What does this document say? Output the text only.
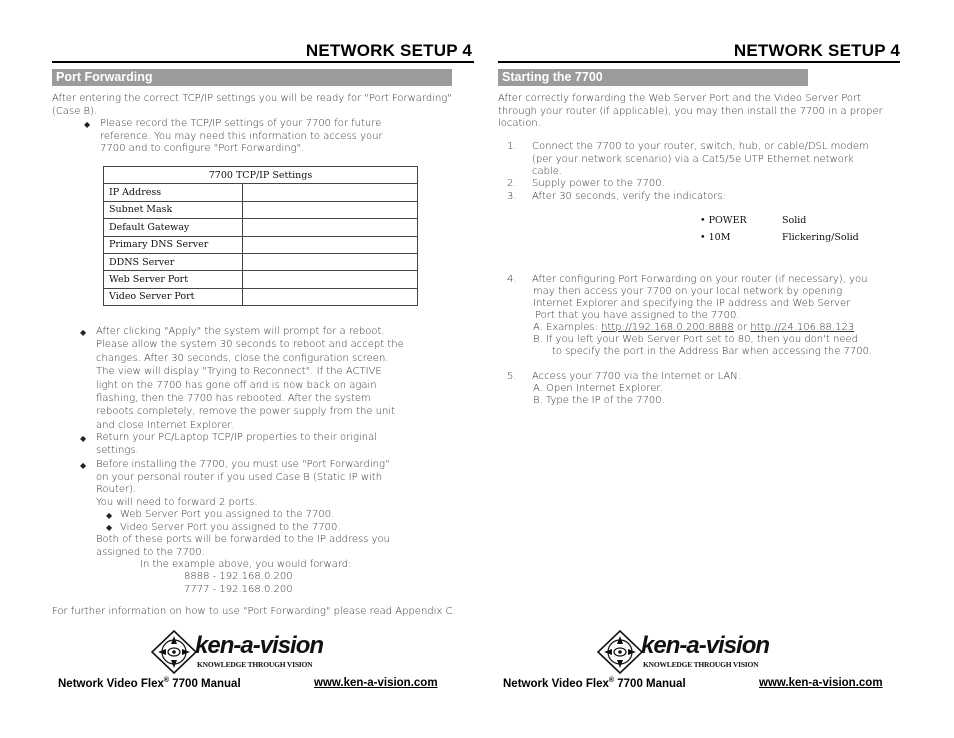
NETWORK SETUP 4
Port Forwarding
After entering the correct TCP/IP settings you will be ready for "Port Forwarding"
(Case B).
◆ Please record the TCP/IP settings of your 7700 for future
reference. You may need this information to access your
7700 and to configure "Port Forwarding".
7700 TCP/IP Settings	
IP Address	
Subnet Mask	
Default Gateway	
Primary DNS Server	
DDNS Server	
Web Server Port	
Video Server Port	
◆ After clicking "Apply" the system will prompt for a reboot.
Please allow the system 30 seconds to reboot and accept the
changes. After 30 seconds, close the configuration screen.
The view will display "Trying to Reconnect". If the ACTIVE
light on the 7700 has gone off and is now back on again
flashing, then the 7700 has rebooted. After the system
reboots completely, remove the power supply from the unit
and close Internet Explorer.
◆ Return your PC/Laptop TCP/IP properties to their original
settings.
◆ Before installing the 7700, you must use "Port Forwarding"
on your personal router if you used Case B (Static IP with
Router).
You will need to forward 2 ports:
◆ Web Server Port you assigned to the 7700.
◆ Video Server Port you assigned to the 7700.
Both of these ports will be forwarded to the IP address you
assigned to the 7700.
In the example above, you would forward:
8888 - 192.168.0.200
7777 - 192.168.0.200
For further information on how to use "Port Forwarding" please read Appendix C.
ken-a-vision
KNOWLEDGE THROUGH VISION
Network Video Flex® 7700 Manual	www.ken-a-vision.com
NETWORK SETUP 4
Starting the 7700
After correctly forwarding the Web Server Port and the Video Server Port
through your router (if applicable), you may then install the 7700 in a proper
location.
1. Connect the 7700 to your router, switch, hub, or cable/DSL modem
(per your network scenario) via a Cat5/5e UTP Ethernet network
cable.
2. Supply power to the 7700.
3. After 30 seconds, verify the indicators:
• POWER	Solid
• 10M	Flickering/Solid
4. After configuring Port Forwarding on your router (if necessary), you
may then access your 7700 on your local network by opening
Internet Explorer and specifying the IP address and Web Server
Port that you have assigned to the 7700.
A. Examples: http://192.168.0.200:8888 or http://24.106.88.123
B. If you left your Web Server Port set to 80, then you don't need
to specify the port in the Address Bar when accessing the 7700.
5. Access your 7700 via the Internet or LAN:
A. Open Internet Explorer.
B. Type the IP of the 7700.
ken-a-vision
KNOWLEDGE THROUGH VISION
Network Video Flex® 7700 Manual	www.ken-a-vision.com
